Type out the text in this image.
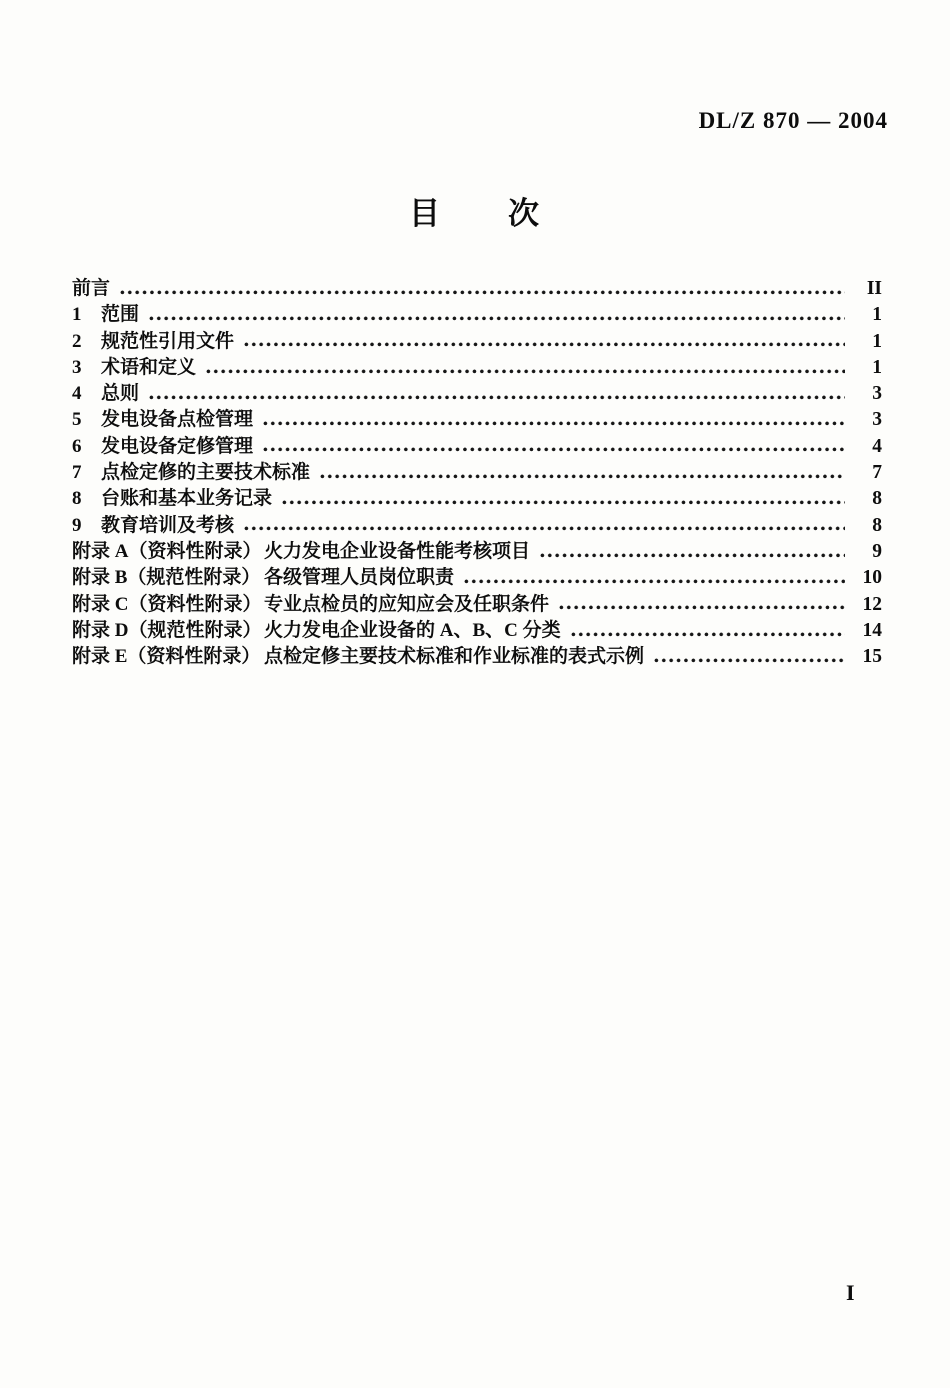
DL/Z 870 — 2004
目　　次
前言	II
1	范围	1
2	规范性引用文件	1
3	术语和定义	1
4	总则	3
5	发电设备点检管理	3
6	发电设备定修管理	4
7	点检定修的主要技术标准	7
8	台账和基本业务记录	8
9	教育培训及考核	8
附录 A（资料性附录） 火力发电企业设备性能考核项目	9
附录 B（规范性附录） 各级管理人员岗位职责	10
附录 C（资料性附录） 专业点检员的应知应会及任职条件	12
附录 D（规范性附录） 火力发电企业设备的 A、B、C 分类	14
附录 E（资料性附录） 点检定修主要技术标准和作业标准的表式示例	15
I
